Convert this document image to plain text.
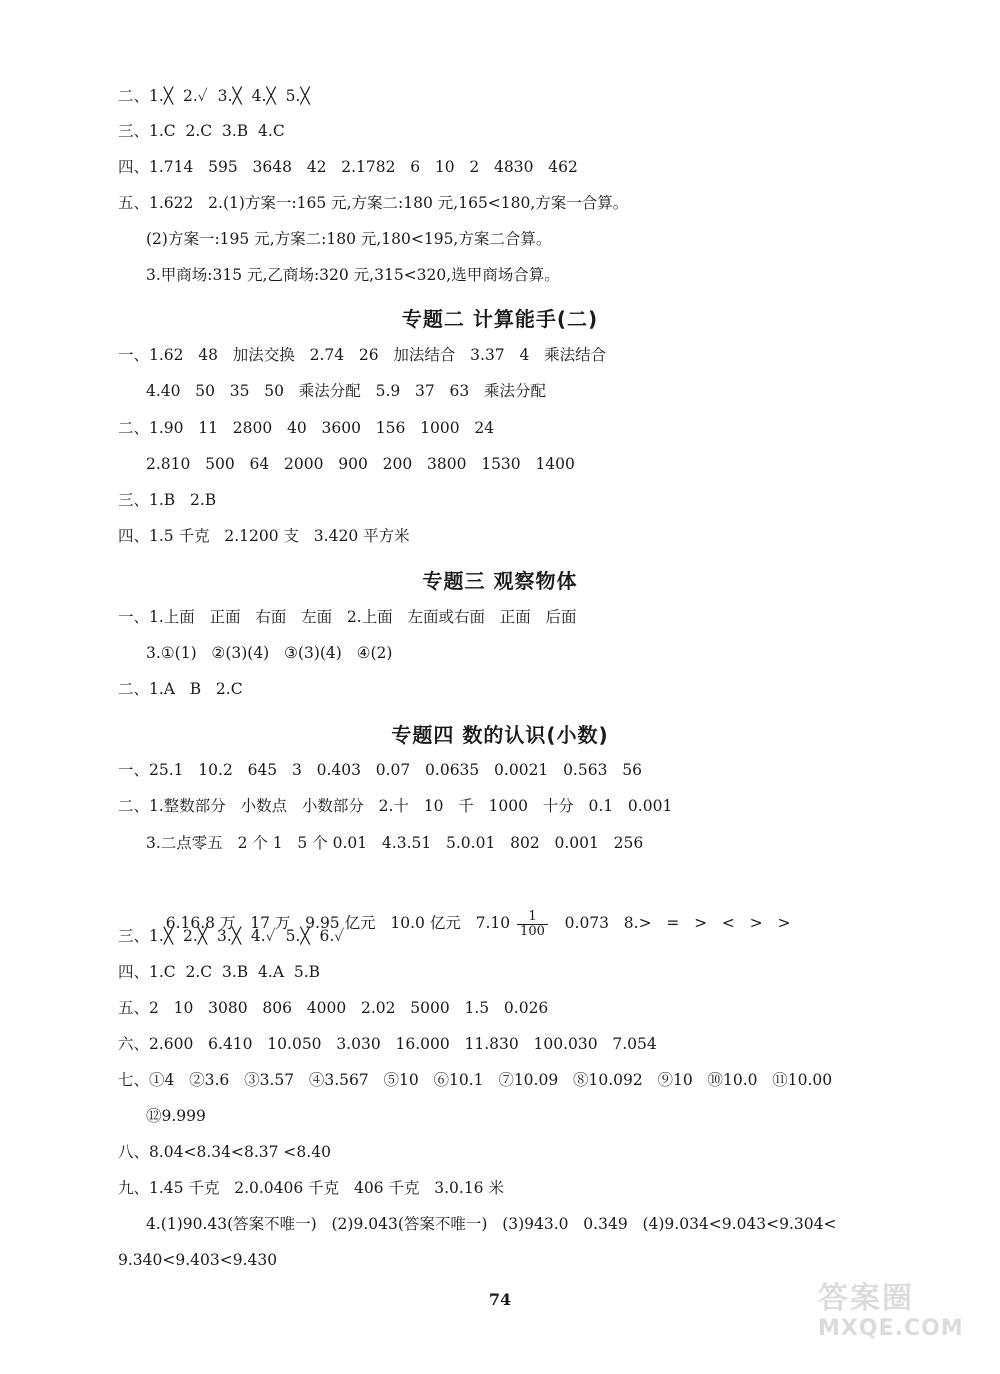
二、1.╳  2.✓  3.╳  4.╳  5.╳
三、1.C  2.C  3.B  4.C
四、1.714   595   3648   42   2.1782   6   10   2   4830   462
五、1.622   2.(1)方案一:165 元,方案二:180 元,165<180,方案一合算。
(2)方案一:195 元,方案二:180 元,180<195,方案二合算。
3.甲商场:315 元,乙商场:320 元,315<320,选甲商场合算。
专题二 计算能手(二)
一、1.62   48   加法交换   2.74   26   加法结合   3.37   4   乘法结合
4.40   50   35   50   乘法分配   5.9   37   63   乘法分配
二、1.90   11   2800   40   3600   156   1000   24
2.810   500   64   2000   900   200   3800   1530   1400
三、1.B   2.B
四、1.5 千克   2.1200 支   3.420 平方米
专题三 观察物体
一、1.上面   正面   右面   左面   2.上面   左面或右面   正面   后面
3.①(1)   ②(3)(4)   ③(3)(4)   ④(2)
二、1.A   B   2.C
专题四 数的认识(小数)
一、25.1   10.2   645   3   0.403   0.07   0.0635   0.0021   0.563   56
二、1.整数部分   小数点   小数部分   2.十   10   千   1000   十分   0.1   0.001
3.二点零五   2 个 1   5 个 0.01   4.3.51   5.0.01   802   0.001   256

6.16.8 万   17 万   9.95 亿元   10.0 亿元   $7.10 \frac{1}{100} 0.073$   8.>   =   >   <   >   >

三、1.╳  2.╳  3.╳  4.✓  5.╳  6.✓
四、1.C  2.C  3.B  4.A  5.B
五、2   10   3080   806   4000   2.02   5000   1.5   0.026
六、2.600   6.410   10.050   3.030   16.000   11.830   100.030   7.054
七、①4   ②3.6   ③3.57   ④3.567   ⑤10   ⑥10.1   ⑦10.09   ⑧10.092   ⑨10   ⑩10.0   ⑪10.00
⑫9.999
八、8.04<8.34<8.37 <8.40
九、1.45 千克   2.0.0406 千克   406 千克   3.0.16 米
4.(1)90.43(答案不唯一)   (2)9.043(答案不唯一)   (3)943.0   0.349   (4)9.034<9.043<9.304<
9.340<9.403<9.430
74	答案圈
MXQE.COM
